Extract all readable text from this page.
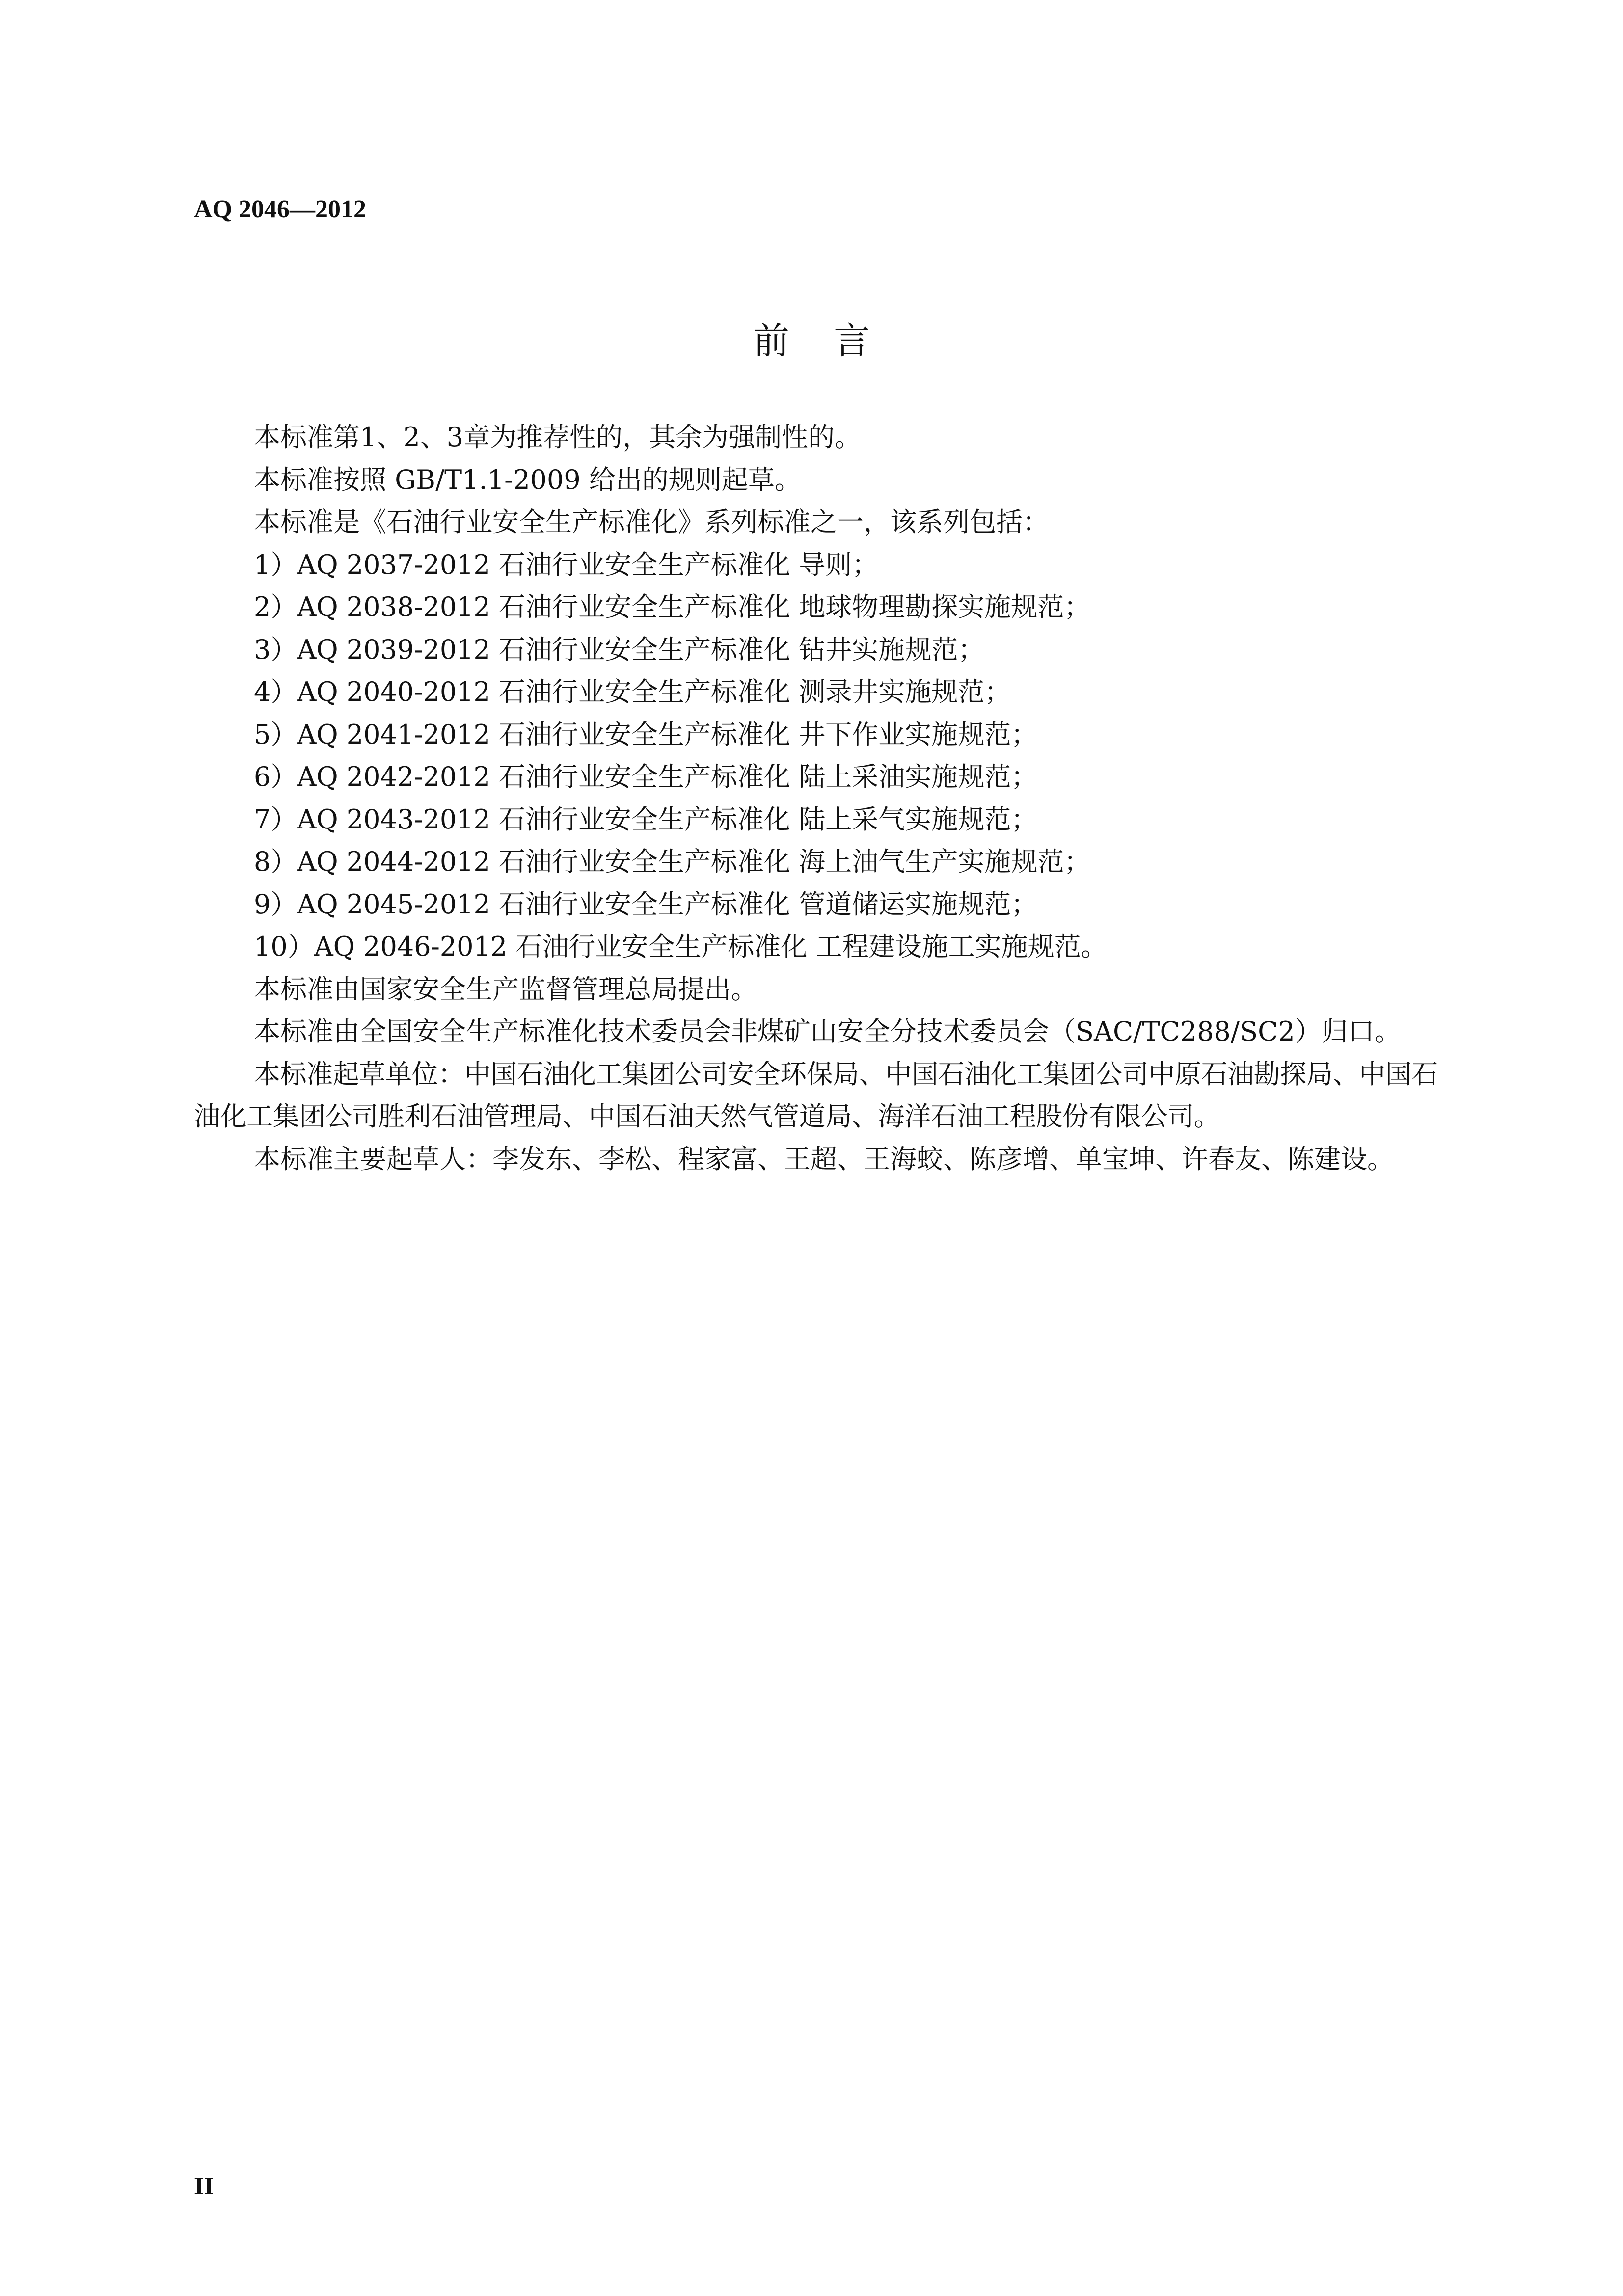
AQ 2046—2012
前言

本标准第1、2、3章为推荐性的，其余为强制性的。

本标准按照 GB/T1.1-2009 给出的规则起草。

本标准是《石油行业安全生产标准化》系列标准之一，该系列包括：

1）AQ 2037-2012 石油行业安全生产标准化 导则；

2）AQ 2038-2012 石油行业安全生产标准化 地球物理勘探实施规范；

3）AQ 2039-2012 石油行业安全生产标准化 钻井实施规范；

4）AQ 2040-2012 石油行业安全生产标准化 测录井实施规范；

5）AQ 2041-2012 石油行业安全生产标准化 井下作业实施规范；

6）AQ 2042-2012 石油行业安全生产标准化 陆上采油实施规范；

7）AQ 2043-2012 石油行业安全生产标准化 陆上采气实施规范；

8）AQ 2044-2012 石油行业安全生产标准化 海上油气生产实施规范；

9）AQ 2045-2012 石油行业安全生产标准化 管道储运实施规范；

10）AQ 2046-2012 石油行业安全生产标准化 工程建设施工实施规范。

本标准由国家安全生产监督管理总局提出。

本标准由全国安全生产标准化技术委员会非煤矿山安全分技术委员会（SAC/TC288/SC2）归口。

本标准起草单位：中国石油化工集团公司安全环保局、中国石油化工集团公司中原石油勘探局、中国石油化工集团公司胜利石油管理局、中国石油天然气管道局、海洋石油工程股份有限公司。

本标准主要起草人：李发东、李松、程家富、王超、王海蛟、陈彦增、单宝坤、许春友、陈建设。

II
